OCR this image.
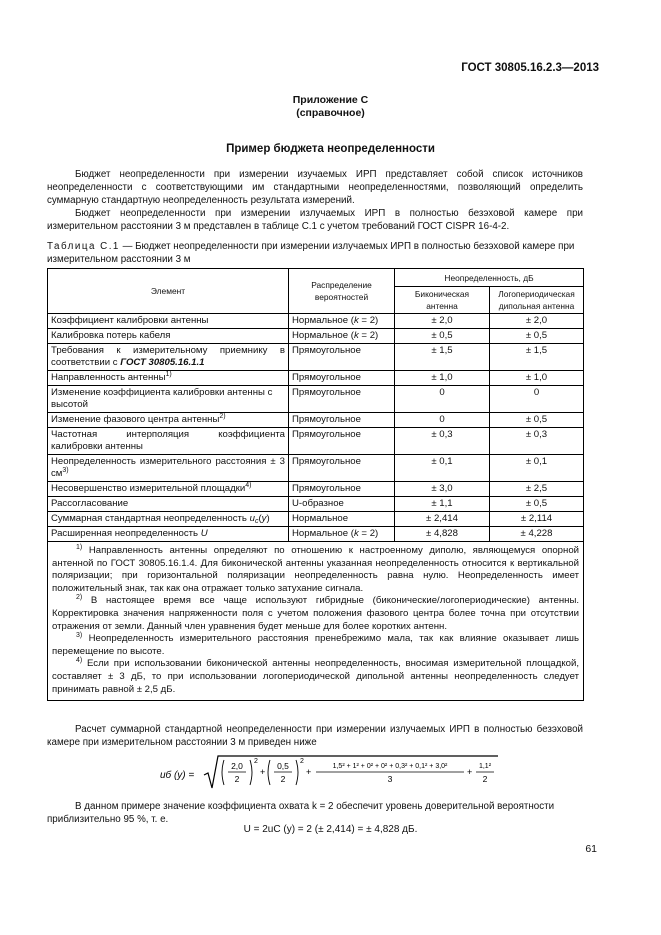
ГОСТ 30805.16.2.3—2013
Приложение С
(справочное)
Пример бюджета неопределенности
Бюджет неопределенности при измерении изучаемых ИРП представляет собой список источников неопределенности с соответствующими им стандартными неопределенностями, позволяющий определить суммарную стандартную неопределенность результата измерений.
Бюджет неопределенности при измерении излучаемых ИРП в полностью безэховой камере при измерительном расстоянии 3 м представлен в таблице С.1 с учетом требований ГОСТ CISPR 16-4-2.
Таблица С.1 — Бюджет неопределенности при измерении излучаемых ИРП в полностью безэховой камере при измерительном расстоянии 3 м
Элемент	Распределение вероятностей	Неопределенность, дБ	
		Биконическая антенна	Логопериодическая дипольная антенна
Коэффициент калибровки антенны	Нормальное (k = 2)	± 2,0	± 2,0
Калибровка потерь кабеля	Нормальное (k = 2)	± 0,5	± 0,5
Требования к измерительному приемнику в соответствии с ГОСТ 30805.16.1.1	Прямоугольное	± 1,5	± 1,5
Направленность антенны$^{1)}$	Прямоугольное	± 1,0	± 1,0
Изменение коэффициента калибровки антенны с высотой	Прямоугольное	0	0
Изменение фазового центра антенны$^{2)}$	Прямоугольное	0	± 0,5
Частотная интерполяция коэффициента калибровки антенны	Прямоугольное	± 0,3	± 0,3
Неопределенность измерительного расстояния ± 3 $см^{3)}$	Прямоугольное	± 0,1	± 0,1
Несовершенство измерительной площадки$^{4)}$	Прямоугольное	± 3,0	± 2,5
Рассогласование	U-образное	± 1,1	± 0,5
Суммарная стандартная неопределенность $u_c(y)$	Нормальное	± 2,414	± 2,114
Расширенная неопределенность U	Нормальное (k = 2)	± 4,828	± 4,228

$^{1)}$ Направленность антенны определяют по отношению к настроенному диполю, являющемуся опорной антенной по ГОСТ 30805.16.1.4. Для биконической антенны указанная неопределенность относится к вертикальной поляризации; при горизонтальной поляризации неопределенность равна нулю. Неопределенность имеет положительный знак, так как она отражает только затухание сигнала.
$^{2)}$ В настоящее время все чаще используют гибридные (биконические/логопериодические) антенны. Корректировка значения напряженности поля с учетом положения фазового центра более точна при отсутствии отражения от земли. Данный член уравнения будет меньше для более коротких антенн.
$^{3)}$ Неопределенность измерительного расстояния пренебрежимо мала, так как влияние оказывает лишь перемещение по высоте.
$^{4)}$ Если при использовании биконической антенны неопределенность, вносимая измерительной площадкой, составляет ± 3 дБ, то при использовании логопериодической дипольной антенны неопределенность следует принимать равной ± 2,5 дБ.			
Расчет суммарной стандартной неопределенности при измерении излучаемых ИРП в полностью безэховой камере при измерительном расстоянии 3 м приведен ниже
uб (y) =
2,0
2
2
+
0,5
2
2
+
1,5² + 1² + 0² + 0² + 0,3² + 0,1² + 3,0²
3
+
1,1²
2
В данном примере значение коэффициента охвата k = 2 обеспечит уровень доверительной вероятности приблизительно 95 %, т. е.
U = 2uC (y) = 2 (± 2,414) = ± 4,828 дБ.
61
